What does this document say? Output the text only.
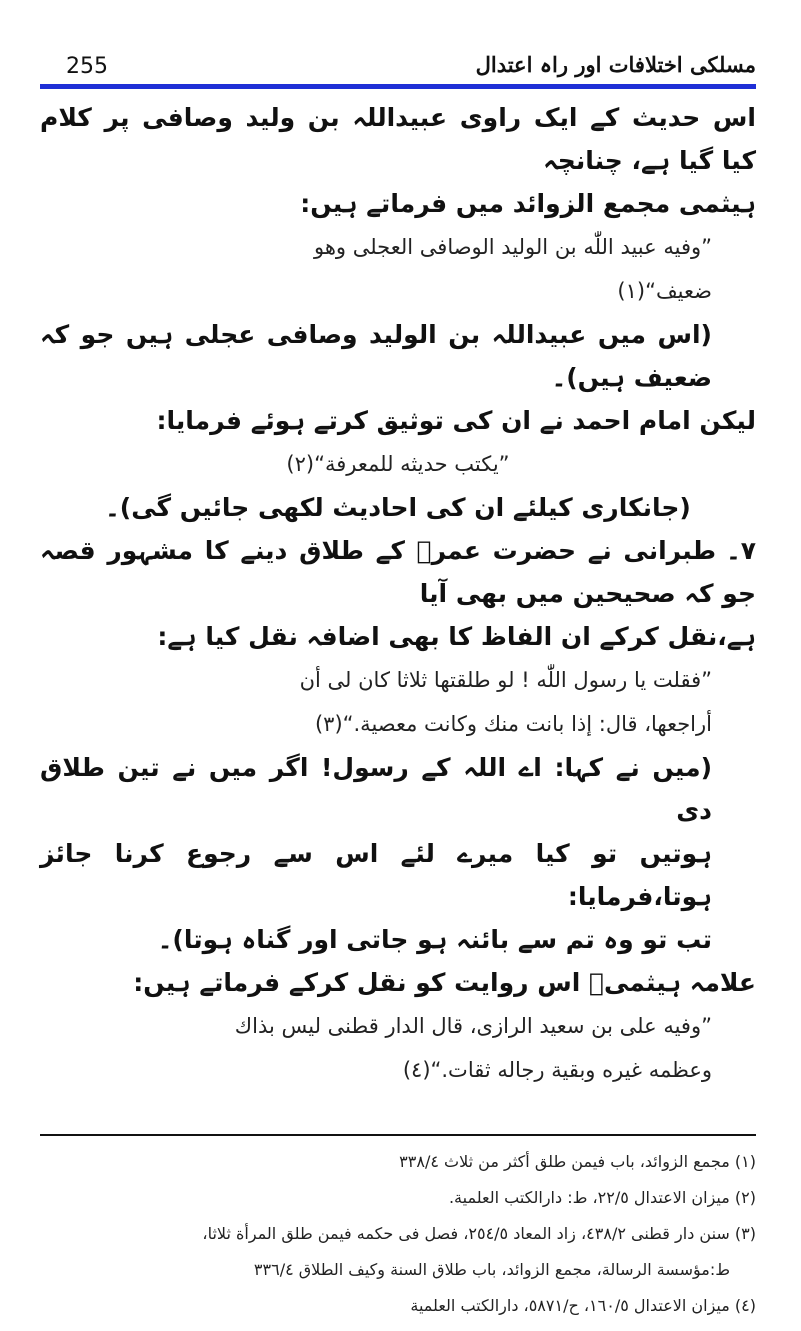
255	مسلکی اختلافات اور راہ اعتدال

اس حدیث کے ایک راوی عبیداللہ بن ولید وصافی پر کلام کیا گیا ہے، چنانچہ

ہیثمی مجمع الزوائد میں فرماتے ہیں:

”وفيه عبيد اللّٰه بن الوليد الوصافى العجلى وهو

ضعيف“(١)

(اس میں عبیداللہ بن الولید وصافی عجلی ہیں جو کہ ضعیف ہیں)۔

لیکن امام احمد نے ان کی توثیق کرتے ہوئے فرمایا:

”يكتب حديثه للمعرفة“(٢)

(جانکاری کیلئے ان کی احادیث لکھی جائیں گی)۔

۷۔طبرانی نے حضرت عمرؓ کے طلاق دینے کا مشہور قصہ جو کہ صحیحین میں بھی آیا

ہے،نقل کرکے ان الفاظ کا بھی اضافہ نقل کیا ہے:

”فقلت يا رسول اللّٰه ! لو طلقتها ثلاثا كان لى أن

أراجعها، قال: إذا بانت منك وكانت معصية.“(٣)

(میں نے کہا: اے اللہ کے رسول! اگر میں نے تین طلاق دی

ہوتیں تو کیا میرے لئے اس سے رجوع کرنا جائز ہوتا،فرمایا:

تب تو وہ تم سے بائنہ ہو جاتی اور گناہ ہوتا)۔

علامہ ہیثمیؒ اس روایت کو نقل کرکے فرماتے ہیں:

”وفيه على بن سعيد الرازى، قال الدار قطنى ليس بذاك

وعظمه غيره وبقية رجاله ثقات.“(٤)

(١) مجمع الزوائد، باب فيمن طلق أكثر من ثلاث ٣٣٨/٤

(٢) ميزان الاعتدال ٢٢/٥، ط: دارالكتب العلمية.

(٣) سنن دار قطنى ٤٣٨/٢، زاد المعاد ٢٥٤/٥، فصل فى حكمه فيمن طلق المرأة ثلاثا،

ط:مؤسسة الرسالة، مجمع الزوائد، باب طلاق السنة وكيف الطلاق ٣٣٦/٤

(٤) ميزان الاعتدال ١٦٠/٥، ح/٥٨٧١، دارالكتب العلمية
